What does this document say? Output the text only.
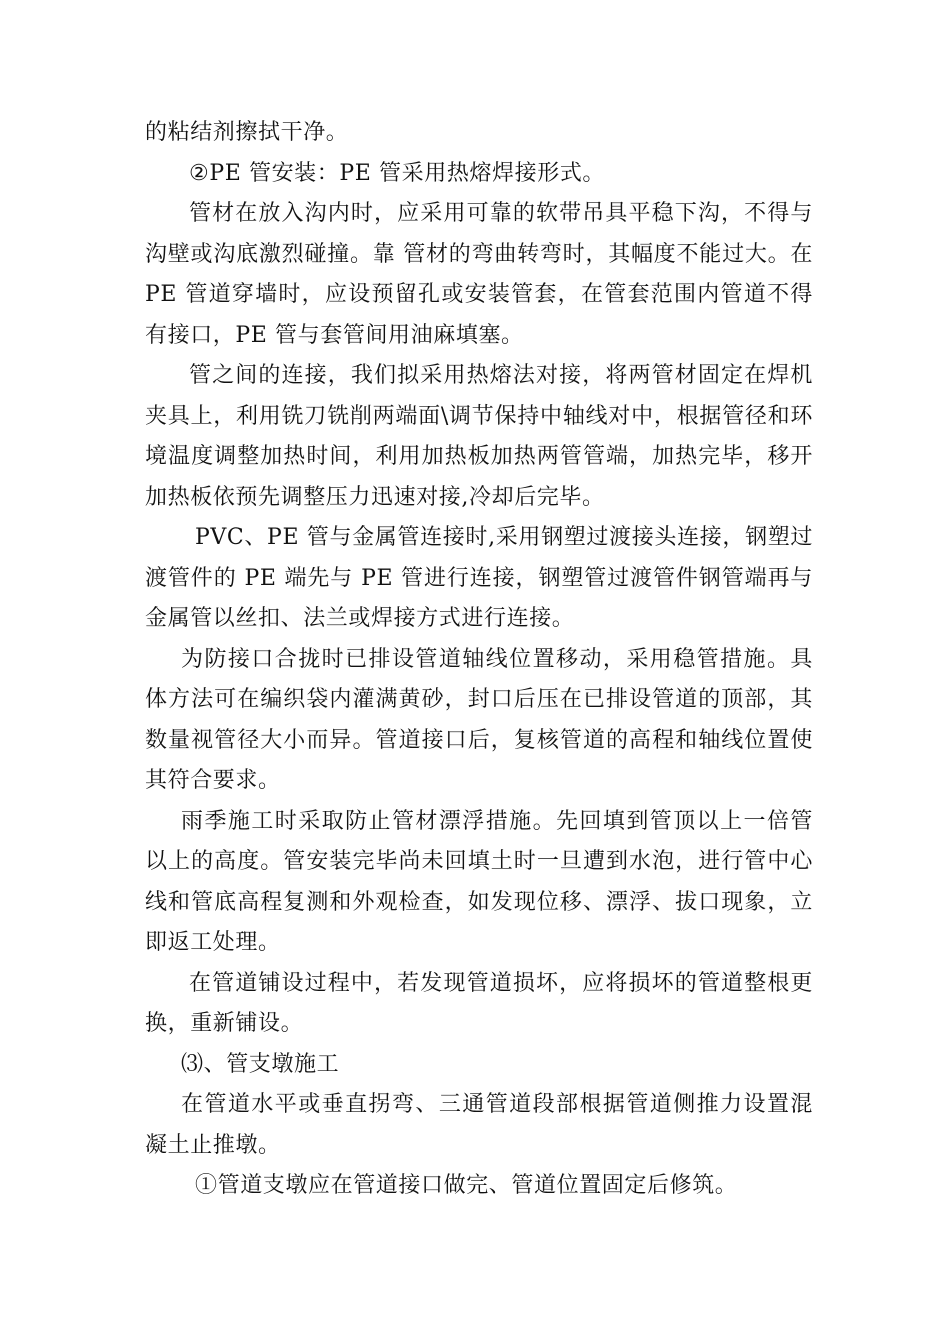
的粘结剂擦拭干净。

②PE 管安装：PE 管采用热熔焊接形式。

管材在放入沟内时，应采用可靠的软带吊具平稳下沟，不得与沟壁或沟底激烈碰撞。靠 管材的弯曲转弯时，其幅度不能过大。在 PE 管道穿墙时，应设预留孔或安装管套，在管套范围内管道不得有接口，PE 管与套管间用油麻填塞。

管之间的连接，我们拟采用热熔法对接，将两管材固定在焊机夹具上，利用铣刀铣削两端面\调节保持中轴线对中，根据管径和环境温度调整加热时间，利用加热板加热两管管端，加热完毕，移开加热板依预先调整压力迅速对接,冷却后完毕。

PVC、PE 管与金属管连接时,采用钢塑过渡接头连接，钢塑过渡管件的 PE 端先与 PE 管进行连接，钢塑管过渡管件钢管端再与金属管以丝扣、法兰或焊接方式进行连接。

为防接口合拢时已排设管道轴线位置移动，采用稳管措施。具体方法可在编织袋内灌满黄砂，封口后压在已排设管道的顶部，其数量视管径大小而异。管道接口后，复核管道的高程和轴线位置使其符合要求。

雨季施工时采取防止管材漂浮措施。先回填到管顶以上一倍管以上的高度。管安装完毕尚未回填土时一旦遭到水泡，进行管中心线和管底高程复测和外观检查，如发现位移、漂浮、拔口现象，立即返工处理。

在管道铺设过程中，若发现管道损坏，应将损坏的管道整根更换，重新铺设。

⑶、管支墩施工

在管道水平或垂直拐弯、三通管道段部根据管道侧推力设置混凝土止推墩。

①管道支墩应在管道接口做完、管道位置固定后修筑。
